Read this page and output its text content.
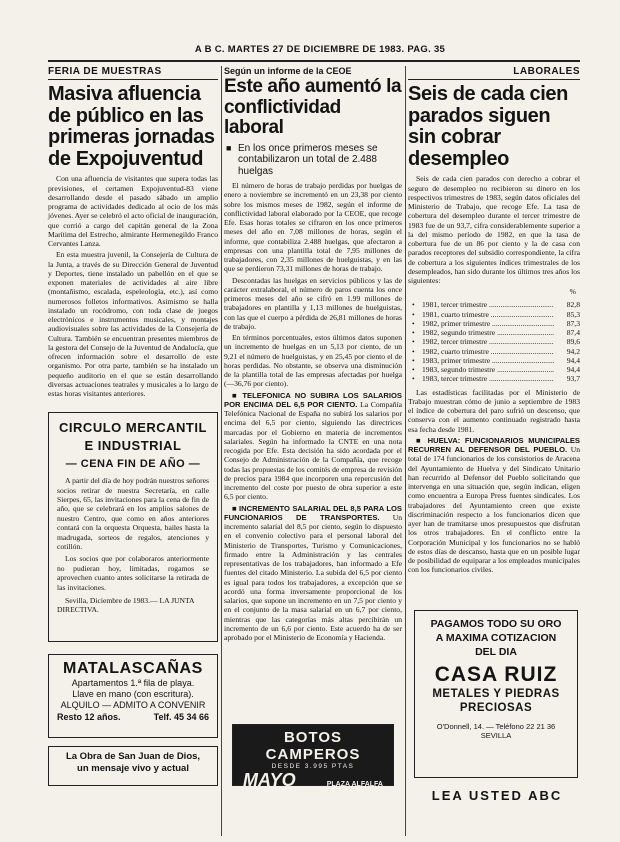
A B C. MARTES 27 DE DICIEMBRE DE 1983. PAG. 35
FERIA DE MUESTRAS
Masiva afluencia de público en las primeras jornadas de Expojuventud

Con una afluencia de visitantes que supera todas las previsiones, el certamen Expojuventud-83 viene desarrollando desde el pasado sábado un amplio programa de actividades dedicado al ocio de los más jóvenes. Ayer se celebró el acto oficial de inauguración, que corrió a cargo del capitán general de la Zona Marítima del Estrecho, almirante Hermenegildo Franco Cervantes Lanza.

En esta muestra juvenil, la Consejería de Cultura de la Junta, a través de su Dirección General de Juventud y Deportes, tiene instalado un pabellón en el que se exponen materiales de actividades al aire libre (montañismo, escalada, espeleología, etc.), así como numerosos folletos informativos. Asimismo se halla instalado un rocódromo, con toda clase de juegos electrónicos e instrumentos musicales, y montajes audiovisuales sobre las actividades de la Consejería de Cultura. También se encuentran presentes miembros de la gestora del Consejo de la Juventud de Andalucía, que ofrecen información sobre el desarrollo de este organismo. Por otra parte, también se ha instalado un pequeño auditorio en el que se están desarrollando diversas actuaciones teatrales y musicales a lo largo de estas horas visitantes anteriores.

CIRCULO MERCANTIL
E INDUSTRIAL
— CENA FIN DE AÑO —

A partir del día de hoy podrán nuestros señores socios retirar de nuestra Secretaría, en calle Sierpes, 65, las invitaciones para la cena de fin de año, que se celebrará en los amplios salones de nuestro Centro, que como en años anteriores contará con la orquesta Orquesta, bailes hasta la madrugada, sorteos de regalos, atenciones y cotillón.

Los socios que por colaboraros anteriormente no pudieran hoy, limitadas, rogamos se aprovechen cuanto antes solicitarse la retirada de las invitaciones.

Sevilla, Diciembre de 1983.— LA JUNTA DIRECTIVA.
MATALASCAÑAS
Apartamentos 1.ª fila de playa.
Llave en mano (con escritura).
ALQUILO — ADMITO A CONVENIR
Resto 12 años.	Telf. 45 34 66
La Obra de San Juan de Dios,
un mensaje vivo y actual
Según un informe de la CEOE
Este año aumentó la conflictividad laboral
■ En los once primeros meses se contabilizaron un total de 2.488 huelgas

El número de horas de trabajo perdidas por huelgas de enero a noviembre se incrementó en un 23,38 por ciento sobre los mismos meses de 1982, según el informe de conflictividad laboral elaborado por la CEOE, que recoge Efe. Esas horas totales se cifraron en los once primeros meses del año en 7,08 millones de horas, según el informe, que contabiliza 2.488 huelgas, que afectaron a empresas con una plantilla total de 7,95 millones de trabajadores, con 2,35 millones de huelguistas, y en las que se perdieron 73,31 millones de horas de trabajo.

Descontadas las huelgas en servicios públicos y las de carácter extralaboral, el número de paros cuenta los once primeros meses del año se cifró en 1.99 millones de trabajadores en plantilla y 1,13 millones de huelguistas, con las que el cuerpo a pérdida de 26,81 millones de horas de trabajo.

En términos porcentuales, estos últimos datos suponen un incremento de huelgas en un 5,13 por ciento, de un 9,21 el número de huelguistas, y en 25,45 por ciento el de horas perdidas. No obstante, se observa una disminución de la plantilla total de las empresas afectadas por huelga (—36,76 por ciento).

■ TELEFONICA NO SUBIRA LOS SALARIOS POR ENCIMA DEL 6,5 POR CIENTO. La Compañía Telefónica Nacional de España no subirá los salarios por encima del 6,5 por ciento, siguiendo las directrices marcadas por el Gobierno en materia de incrementos salariales. Según ha informado la CNTE en una nota recogida por Efe. Esta decisión ha sido acordada por el Consejo de Administración de la Compañía, que recoge todas las propuestas de los comités de empresa de revisión de precios para 1984 que incorporen una repercusión del incremento del coste por puesto de obra superior a este 6,5 por ciento.

■ INCREMENTO SALARIAL DEL 8,5 PARA LOS FUNCIONARIOS DE TRANSPORTES. Un incremento salarial del 8,5 por ciento, según lo dispuesto en el convenio colectivo para el personal laboral del Ministerio de Transportes, Turismo y Comunicaciones, firmado entre la Administración y las centrales representativas de los trabajadores, han informado a Efe fuentes del citado Ministerio. La subida del 6,5 por ciento es igual para todos los trabajadores, a excepción que se acordó una forma inversamente proporcional de los salarios, que supone un incremento en un 7,5 por ciento y en el conjunto de la masa salarial en un 6,7 por ciento, mientras que las categorías más altas percibirán un incremento de un 6,6 por ciento. Este acuerdo ha de ser aprobado por el Ministerio de Economía y Hacienda.

BOTOS CAMPEROS
DESDE 3.995 PTAS
MAYO	PLAZA ALFALFA
LABORALES
Seis de cada cien parados siguen sin cobrar desempleo

Seis de cada cien parados con derecho a cobrar el seguro de desempleo no recibieron su dinero en los respectivos trimestres de 1983, según datos oficiales del Ministerio de Trabajo, que recoge Efe. La tasa de cobertura del desempleo durante el tercer trimestre de 1983 fue de un 93,7, cifra considerablemente superior a la del mismo período de 1982, en que la tasa de cobertura fue de un 86 por ciento y la de casa con parados receptores del subsidio correspondiente, la cifra de cobertura a los siguientes índices trimestrales de los desempleados, han sido durante los últimos tres años los siguientes:

%
• 1981, tercer trimestre .....	82,8
• 1981, cuarto trimestre .....	85,3
• 1982, primer trimestre .....	87,3
• 1982, segundo trimestre .....	87,4
• 1982, tercer trimestre .....	89,6
• 1982, cuarto trimestre .....	94,2
• 1983, primer trimestre .....	94,4
• 1983, segundo trimestre .....	94,4
• 1983, tercer trimestre .....	93,7

Las estadísticas facilitadas por el Ministerio de Trabajo muestran cómo de junio a septiembre de 1983 el índice de cobertura del paro sufrió un descenso, que conserva con el aumento continuado registrado hasta esa fecha desde 1981.

■ HUELVA: FUNCIONARIOS MUNICIPALES RECURREN AL DEFENSOR DEL PUEBLO. Un total de 174 funcionarios de los consistorios de Aracena del Ayuntamiento de Huelva y del Sindicato Unitario han recurrido al Defensor del Pueblo solicitando que intervenga en una situación que, según indican, eligen como encuentra a Europa Press fuentes sindicales. Los trabajadores del Ayuntamiento creen que existe discriminación respecto a los funcionarios dicen que ayer han de tramitarse unos presupuestos que disfrutan los otros trabajadores. En el conflicto entre la Corporación Municipal y los funcionarios no se habló de estos días de descanso, hasta que en un posible lugar de posibilidad de equiparar a los empleados municipales con los funcionarios civiles.

PAGAMOS TODO SU ORO
A MAXIMA COTIZACION
DEL DIA
CASA RUIZ
METALES Y PIEDRAS
PRECIOSAS
O'Donnell, 14. — Teléfono 22 21 36
SEVILLA
LEA USTED ABC
